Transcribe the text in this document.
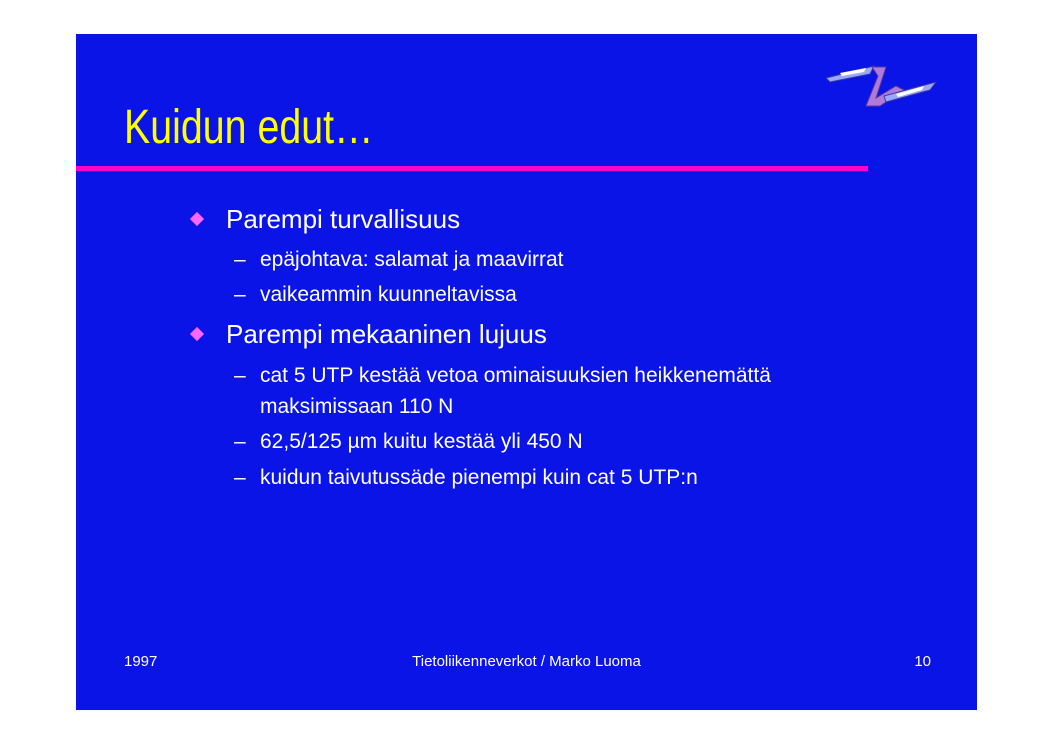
Kuidun edut…
Parempi turvallisuus
– epäjohtava: salamat ja maavirrat
– vaikeammin kuunneltavissa
Parempi mekaaninen lujuus
– cat 5 UTP kestää vetoa ominaisuuksien heikkenemättä
maksimissaan 110 N
– 62,5/125 µm kuitu kestää yli 450 N
– kuidun taivutussäde pienempi kuin cat 5 UTP:n
1997	Tietoliikenneverkot / Marko Luoma	10
